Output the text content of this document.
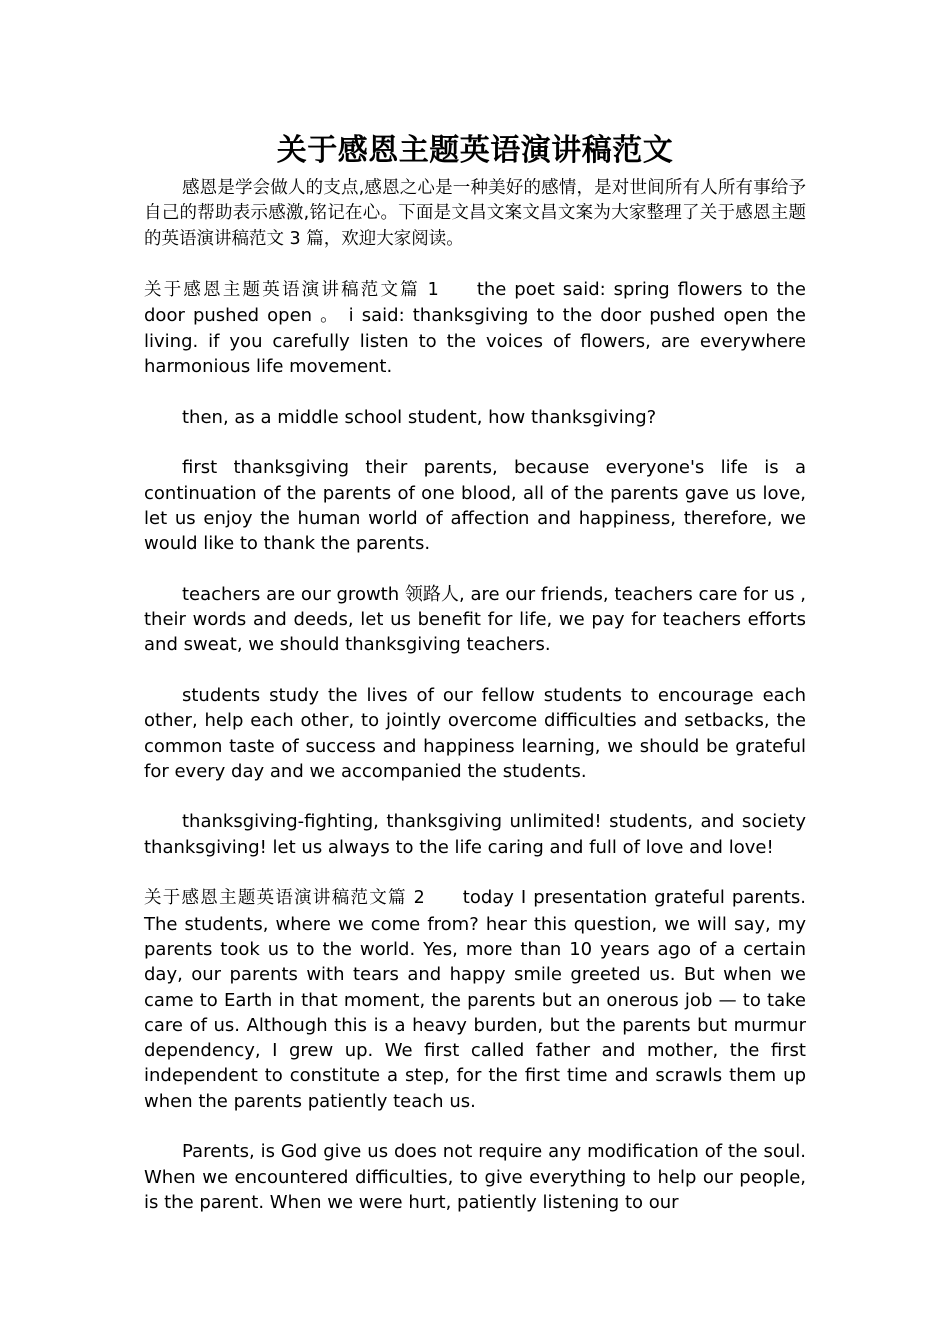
关于感恩主题英语演讲稿范文

感恩是学会做人的支点,感恩之心是一种美好的感情，是对世间所有人所有事给予自己的帮助表示感激,铭记在心。下面是文昌文案文昌文案为大家整理了关于感恩主题的英语演讲稿范文 3 篇，欢迎大家阅读。

关于感恩主题英语演讲稿范文篇 1 the poet said: spring flowers to the door pushed open 。 i said: thanksgiving to the door pushed open the living. if you carefully listen to the voices of flowers, are everywhere harmonious life movement.

then, as a middle school student, how thanksgiving?

first thanksgiving their parents, because everyone's life is a continuation of the parents of one blood, all of the parents gave us love, let us enjoy the human world of affection and happiness, therefore, we would like to thank the parents.

teachers are our growth 领路人, are our friends, teachers care for us , their words and deeds, let us benefit for life, we pay for teachers efforts and sweat, we should thanksgiving teachers.

students study the lives of our fellow students to encourage each other, help each other, to jointly overcome difficulties and setbacks, the common taste of success and happiness learning, we should be grateful for every day and we accompanied the students.

thanksgiving-fighting, thanksgiving unlimited! students, and society thanksgiving! let us always to the life caring and full of love and love!

关于感恩主题英语演讲稿范文篇 2 today I presentation grateful parents. The students, where we come from? hear this question, we will say, my parents took us to the world. Yes, more than 10 years ago of a certain day, our parents with tears and happy smile greeted us. But when we came to Earth in that moment, the parents but an onerous job — to take care of us. Although this is a heavy burden, but the parents but murmur dependency, I grew up. We first called father and mother, the first independent to constitute a step, for the first time and scrawls them up when the parents patiently teach us.

Parents, is God give us does not require any modification of the soul. When we encountered difficulties, to give everything to help our people, is the parent. When we were hurt, patiently listening to our
